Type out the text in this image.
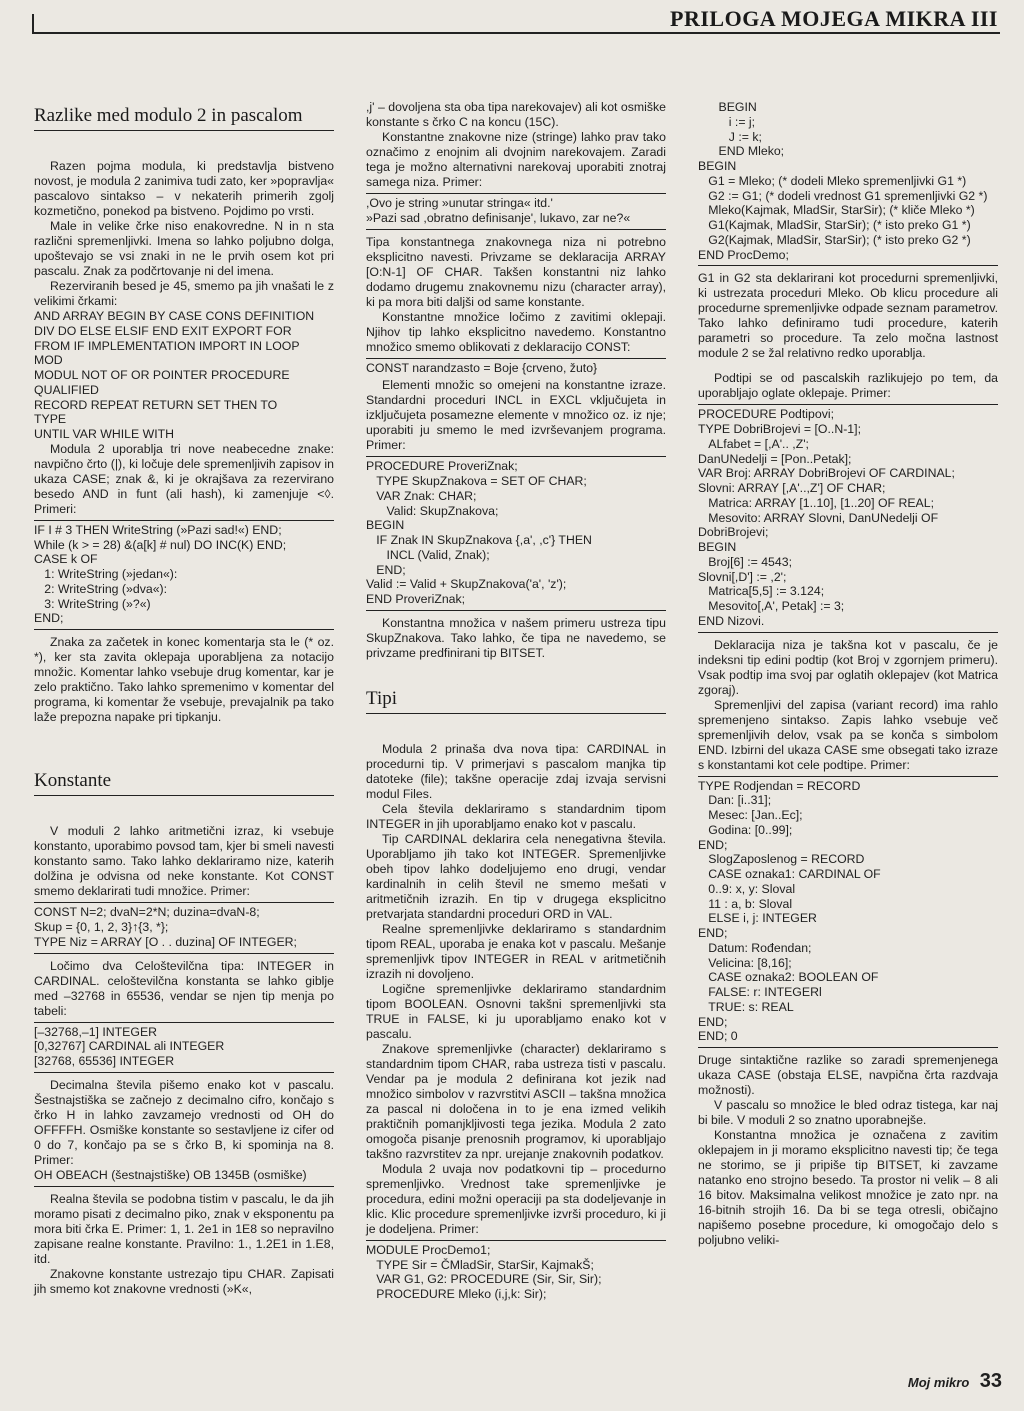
PRILOGA MOJEGA MIKRA III
Razlike med modulo 2 in pascalom

Razen pojma modula, ki predstavlja bistveno novost, je modula 2 zanimiva tudi zato, ker »popravlja« pascalovo sintakso – v nekaterih primerih zgolj kozmetično, ponekod pa bistveno. Pojdimo po vrsti.

Male in velike črke niso enakovredne. N in n sta različni spremenljivki. Imena so lahko poljubno dolga, upoštevajo se vsi znaki in ne le prvih osem kot pri pascalu. Znak za podčrtovanje ni del imena.

Rezerviranih besed je 45, smemo pa jih vnašati le z velikimi črkami:

AND ARRAY BEGIN BY CASE CONS DEFINITION
DIV DO ELSE ELSIF END EXIT EXPORT FOR
FROM IF IMPLEMENTATION IMPORT IN LOOP
MOD
MODUL NOT OF OR POINTER PROCEDURE
QUALIFIED
RECORD REPEAT RETURN SET THEN TO
TYPE
UNTIL VAR WHILE WITH

Modula 2 uporablja tri nove neabecedne znake: navpično črto (|), ki ločuje dele spremenljivih zapisov in ukaza CASE; znak &, ki je okrajšava za rezervirano besedo AND in funt (ali hash), ki zamenjuje <◊. Primeri:

IF I # 3 THEN WriteString (»Pazi sad!«) END;
While (k > = 28) &(a[k] # nul) DO INC(K) END;
CASE k OF
1: WriteString (»jedan«):
2: WriteString (»dva«):
3: WriteString (»?«)
END;

Znaka za začetek in konec komentarja sta le (* oz. *), ker sta zavita oklepaja uporabljena za notacijo množic. Komentar lahko vsebuje drug komentar, kar je zelo praktično. Tako lahko spremenimo v komentar del programa, ki komentar že vsebuje, prevajalnik pa tako laže prepozna napake pri tipkanju.

Konstante

V moduli 2 lahko aritmetični izraz, ki vsebuje konstanto, uporabimo povsod tam, kjer bi smeli navesti konstanto samo. Tako lahko deklariramo nize, katerih dolžina je odvisna od neke konstante. Kot CONST smemo deklarirati tudi množice. Primer:

CONST N=2; dvaN=2*N; duzina=dvaN-8;
Skup = {0, 1, 2, 3}↑{3, *};
TYPE Niz = ARRAY [O . . duzina] OF INTEGER;

Ločimo dva Celoštevilčna tipa: INTEGER in CARDINAL. celoštevilčna konstanta se lahko giblje med –32768 in 65536, vendar se njen tip menja po tabeli:

[–32768,–1] INTEGER
[0,32767] CARDINAL ali INTEGER
[32768, 65536] INTEGER

Decimalna števila pišemo enako kot v pascalu. Šestnajstiška se začnejo z decimalno cifro, končajo s črko H in lahko zavzamejo vrednosti od OH do OFFFFH. Osmiške konstante so sestavljene iz cifer od 0 do 7, končajo pa se s črko B, ki spominja na 8. Primer:

OH OBEACH (šestnajstiške) OB 1345B (osmiške)

Realna števila se podobna tistim v pascalu, le da jih moramo pisati z decimalno piko, znak v eksponentu pa mora biti črka E. Primer: 1, 1. 2e1 in 1E8 so nepravilno zapisane realne konstante. Pravilno: 1., 1.2E1 in 1.E8, itd.

Znakovne konstante ustrezajo tipu CHAR. Zapisati jih smemo kot znakovne vrednosti (»K«,

,j' – dovoljena sta oba tipa narekovajev) ali kot osmiške konstante s črko C na koncu (15C).

Konstantne znakovne nize (stringe) lahko prav tako označimo z enojnim ali dvojnim narekovajem. Zaradi tega je možno alternativni narekovaj uporabiti znotraj samega niza. Primer:

,Ovo je string »unutar stringa« itd.'
»Pazi sad ,obratno definisanje', lukavo, zar ne?«

Tipa konstantnega znakovnega niza ni potrebno eksplicitno navesti. Privzame se deklaracija ARRAY [O:N-1] OF CHAR. Takšen konstantni niz lahko dodamo drugemu znakovnemu nizu (character array), ki pa mora biti daljši od same konstante.

Konstantne množice ločimo z zavitimi oklepaji. Njihov tip lahko eksplicitno navedemo. Konstantno množico smemo oblikovati z deklaracijo CONST:

CONST narandzasto = Boje {crveno, žuto}

Elementi množic so omejeni na konstantne izraze. Standardni proceduri INCL in EXCL vključujeta in izključujeta posamezne elemente v množico oz. iz nje; uporabiti ju smemo le med izvrševanjem programa. Primer:

PROCEDURE ProveriZnak;
TYPE SkupZnakova = SET OF CHAR;
VAR Znak: CHAR;
Valid: SkupZnakova;
BEGIN
IF Znak IN SkupZnakova {,a', ,c'} THEN
INCL (Valid, Znak);
END;
Valid := Valid + SkupZnakova('a', 'z');
END ProveriZnak;

Konstantna množica v našem primeru ustreza tipu SkupZnakova. Tako lahko, če tipa ne navedemo, se privzame predfinirani tip BITSET.

Tipi

Modula 2 prinaša dva nova tipa: CARDINAL in procedurni tip. V primerjavi s pascalom manjka tip datoteke (file); takšne operacije zdaj izvaja servisni modul Files.

Cela števila deklariramo s standardnim tipom INTEGER in jih uporabljamo enako kot v pascalu.

Tip CARDINAL deklarira cela nenegativna števila. Uporabljamo jih tako kot INTEGER. Spremenljivke obeh tipov lahko dodeljujemo eno drugi, vendar kardinalnih in celih števil ne smemo mešati v aritmetičnih izrazih. En tip v drugega eksplicitno pretvarjata standardni proceduri ORD in VAL.

Realne spremenljivke deklariramo s standardnim tipom REAL, uporaba je enaka kot v pascalu. Mešanje spremenljivk tipov INTEGER in REAL v aritmetičnih izrazih ni dovoljeno.

Logične spremenljivke deklariramo standardnim tipom BOOLEAN. Osnovni takšni spremenljivki sta TRUE in FALSE, ki ju uporabljamo enako kot v pascalu.

Znakove spremenljivke (character) deklariramo s standardnim tipom CHAR, raba ustreza tisti v pascalu. Vendar pa je modula 2 definirana kot jezik nad množico simbolov v razvrstitvi ASCII – takšna množica za pascal ni določena in to je ena izmed velikih praktičnih pomanjkljivosti tega jezika. Modula 2 zato omogoča pisanje prenosnih programov, ki uporabljajo takšno razvrstitev za npr. urejanje znakovnih podatkov.

Modula 2 uvaja nov podatkovni tip – procedurno spremenljivko. Vrednost take spremenljivke je procedura, edini možni operaciji pa sta dodeljevanje in klic. Klic procedure spremenljivke izvrši proceduro, ki ji je dodeljena. Primer:

MODULE ProcDemo1;
TYPE Sir = ČMladSir, StarSir, KajmakŠ;
VAR G1, G2: PROCEDURE (Sir, Sir, Sir);
PROCEDURE Mleko (i,j,k: Sir);
BEGIN
i := j;
J := k;
END Mleko;
BEGIN
G1 = Mleko; (* dodeli Mleko spremenljivki G1 *)
G2 := G1; (* dodeli vrednost G1 spremenljivki G2 *)
Mleko(Kajmak, MladSir, StarSir); (* kliče Mleko *)
G1(Kajmak, MladSir, StarSir); (* isto preko G1 *)
G2(Kajmak, MladSir, StarSir); (* isto preko G2 *)
END ProcDemo;

G1 in G2 sta deklarirani kot procedurni spremenljivki, ki ustrezata proceduri Mleko. Ob klicu procedure ali procedurne spremenljivke odpade seznam parametrov. Tako lahko definiramo tudi procedure, katerih parametri so procedure. Ta zelo močna lastnost module 2 se žal relativno redko uporablja.

Podtipi se od pascalskih razlikujejo po tem, da uporabljajo oglate oklepaje. Primer:

PROCEDURE Podtipovi;
TYPE DobriBrojevi = [O..N-1];
ALfabet = [,A'.. ,Z';
DanUNedelji = [Pon..Petak];
VAR Broj: ARRAY DobriBrojevi OF CARDINAL;
Slovni: ARRAY [,A'..,Z'] OF CHAR;
Matrica: ARRAY [1..10], [1..20] OF REAL;
Mesovito: ARRAY Slovni, DanUNedelji OF DobriBrojevi;
BEGIN
Broj[6] := 4543;
Slovni[,D'] := ,2';
Matrica[5,5] := 3.124;
Mesovito[,A', Petak] := 3;
END Nizovi.

Deklaracija niza je takšna kot v pascalu, če je indeksni tip edini podtip (kot Broj v zgornjem primeru). Vsak podtip ima svoj par oglatih oklepajev (kot Matrica zgoraj).

Spremenljivi del zapisa (variant record) ima rahlo spremenjeno sintakso. Zapis lahko vsebuje več spremenljivih delov, vsak pa se konča s simbolom END. Izbirni del ukaza CASE sme obsegati tako izraze s konstantami kot cele podtipe. Primer:

TYPE Rodjendan = RECORD
Dan: [i..31];
Mesec: [Jan..Ec];
Godina: [0..99];
END;
SlogZaposlenog = RECORD
CASE oznaka1: CARDINAL OF
0..9: x, y: Sloval
11 : a, b: Sloval
ELSE i, j: INTEGER
END;
Datum: Rođendan;
Velicina: [8,16];
CASE oznaka2: BOOLEAN OF
FALSE: r: INTEGERl
TRUE: s: REAL
END;
END; 0

Druge sintaktične razlike so zaradi spremenjenega ukaza CASE (obstaja ELSE, navpična črta razdvaja možnosti).

V pascalu so množice le bled odraz tistega, kar naj bi bile. V moduli 2 so znatno uporabnejše.

Konstantna množica je označena z zavitim oklepajem in ji moramo eksplicitno navesti tip; če tega ne storimo, se ji pripiše tip BITSET, ki zavzame natanko eno strojno besedo. Ta prostor ni velik – 8 ali 16 bitov. Maksimalna velikost množice je zato npr. na 16-bitnih strojih 16. Da bi se tega otresli, običajno napišemo posebne procedure, ki omogočajo delo s poljubno veliki-

Moj mikro 33
